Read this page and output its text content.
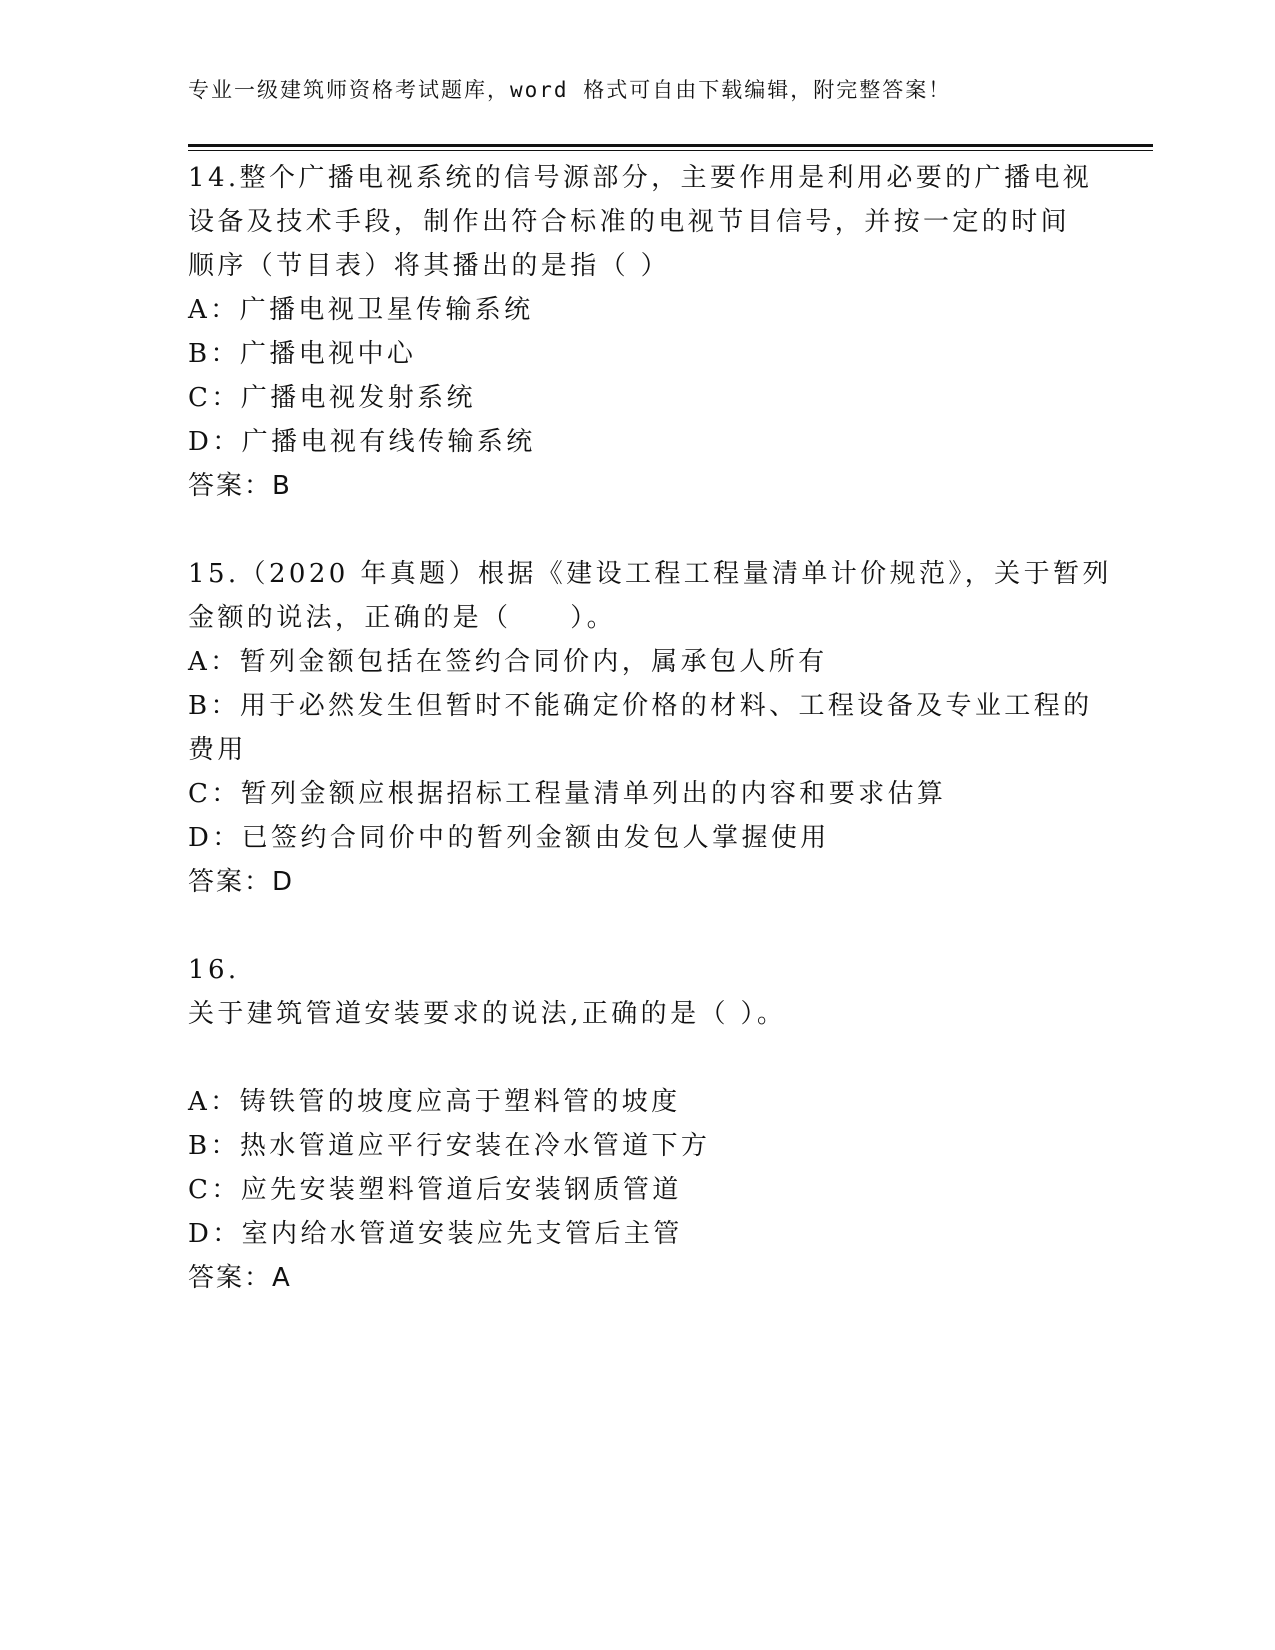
专业一级建筑师资格考试题库，word 格式可自由下载编辑，附完整答案！
14.整个广播电视系统的信号源部分，主要作用是利用必要的广播电视
设备及技术手段，制作出符合标准的电视节目信号，并按一定的时间
顺序（节目表）将其播出的是指（ ）
A：广播电视卫星传输系统
B：广播电视中心
C：广播电视发射系统
D：广播电视有线传输系统
答案：B
15.（2020 年真题）根据《建设工程工程量清单计价规范》，关于暂列
金额的说法，正确的是（　　）。
A：暂列金额包括在签约合同价内，属承包人所有
B：用于必然发生但暂时不能确定价格的材料、工程设备及专业工程的
费用
C：暂列金额应根据招标工程量清单列出的内容和要求估算
D：已签约合同价中的暂列金额由发包人掌握使用
答案：D
16.
关于建筑管道安装要求的说法,正确的是（ ）。
A：铸铁管的坡度应高于塑料管的坡度
B：热水管道应平行安装在冷水管道下方
C：应先安装塑料管道后安装钢质管道
D：室内给水管道安装应先支管后主管
答案：A
